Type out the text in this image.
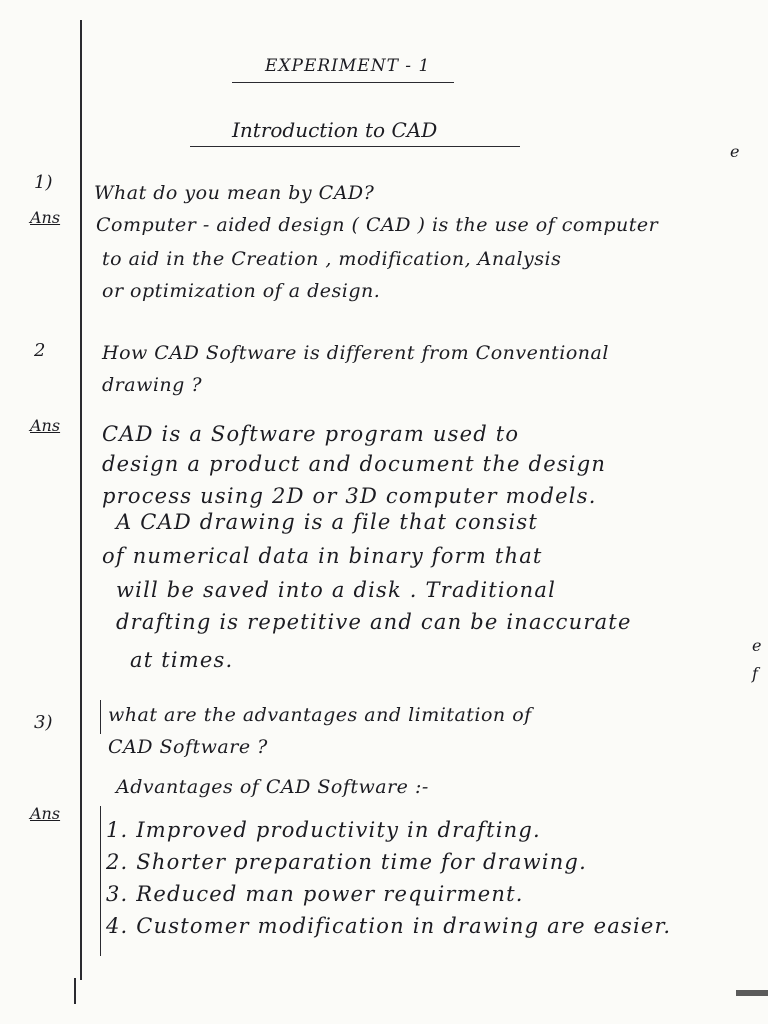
EXPERIMENT - 1
Introduction to CAD
e
e
f
1)
Ans
What do you mean by CAD?
Computer - aided design ( CAD ) is the use of computer
to aid in the Creation , modification, Analysis
or optimization of a design.
2	How CAD Software is different from Conventional
drawing ?
Ans CAD is a Software program used to
design a product and document the design
process using 2D or 3D computer models.
A CAD drawing is a file that consist
of numerical data in binary form that
will be saved into a disk . Traditional
drafting is repetitive and can be inaccurate
at times.
3)	what are the advantages and limitation of
CAD Software ?
Advantages of CAD Software :-
Ans
1. Improved productivity in drafting.
2. Shorter preparation time for drawing.
3. Reduced man power requirment.
4. Customer modification in drawing are easier.
